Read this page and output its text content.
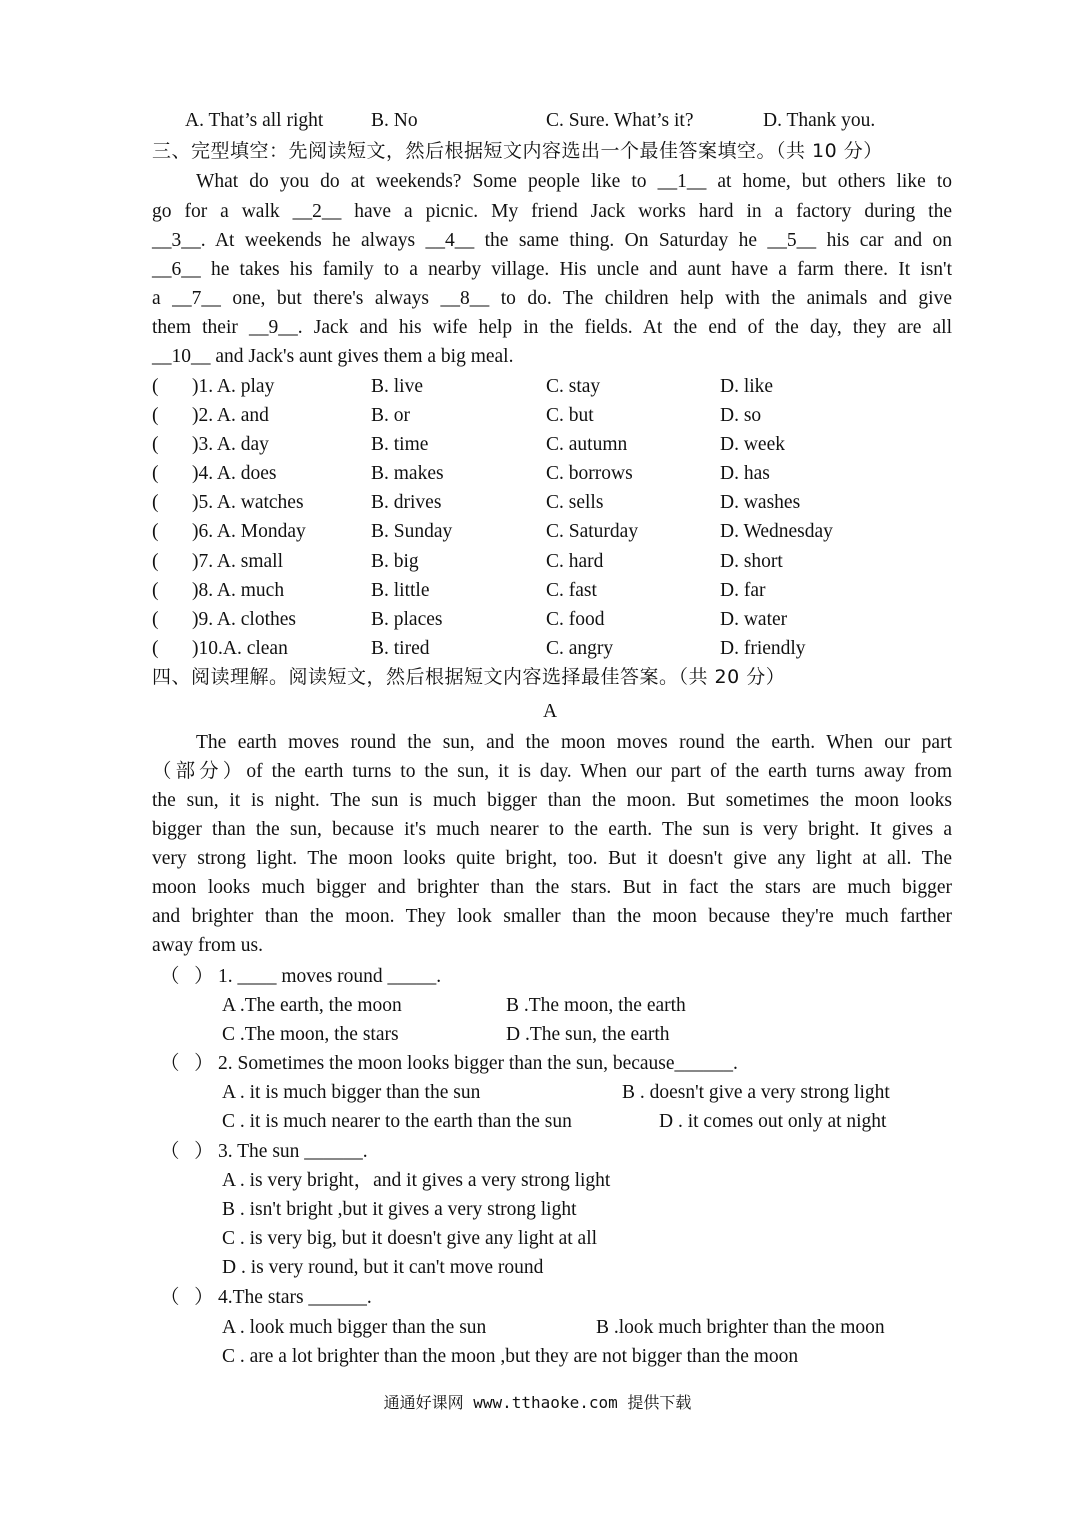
A. That’s all right B. No	C. Sure. What’s it?	D. Thank you.
三、完型填空：先阅读短文，然后根据短文内容选出一个最佳答案填空。（共 10 分）
What do you do at weekends? Some people like to __1__ at home, but others like to
go for a walk __2__ have a picnic. My friend Jack works hard in a factory during the
__3__. At weekends he always __4__ the same thing. On Saturday he __5__ his car and on
__6__ he takes his family to a nearby village. His uncle and aunt have a farm there. It isn't
a __7__ one, but there's always __8__ to do. The children help with the animals and give
them their __9__. Jack and his wife help in the fields. At the end of the day, they are all
__10__ and Jack's aunt gives them a big meal.
( )1. A. play	B. live	C. stay	D. like
( )2. A. and	B. or	C. but	D. so
( )3. A. day	B. time	C. autumn	D. week
( )4. A. does	B. makes	C. borrows	D. has
( )5. A. watches	B. drives	C. sells	D. washes
( )6. A. Monday	B. Sunday	C. Saturday	D. Wednesday
( )7. A. small	B. big	C. hard	D. short
( )8. A. much	B. little	C. fast	D. far
( )9. A. clothes	B. places	C. food	D. water
( )10.A. clean	B. tired	C. angry	D. friendly
四、阅读理解。阅读短文，然后根据短文内容选择最佳答案。（共 20 分）
A
The earth moves round the sun, and the moon moves round the earth. When our part
（部分）of the earth turns to the sun, it is day. When our part of the earth turns away from
the sun, it is night. The sun is much bigger than the moon. But sometimes the moon looks
bigger than the sun, because it's much nearer to the earth. The sun is very bright. It gives a
very strong light. The moon looks quite bright, too. But it doesn't give any light at all. The
moon looks much bigger and brighter than the stars. But in fact the stars are much bigger
and brighter than the moon. They look smaller than the moon because they're much farther
away from us.
（   ） 1. ____ moves round _____.
A .The earth, the moon	B .The moon, the earth
C .The moon, the stars	D .The sun, the earth
（   ） 2. Sometimes the moon looks bigger than the sun, because______.
A . it is much bigger than the sun	B . doesn't give a very strong light
C . it is much nearer to the earth than the sun	D . it comes out only at night
（   ） 3. The sun ______.
A . is very bright，and it gives a very strong light
B . isn't bright ,but it gives a very strong light
C . is very big, but it doesn't give any light at all
D . is very round, but it can't move round
（   ） 4.The stars ______.
A . look much bigger than the sun	B .look much brighter than the moon
C . are a lot brighter than the moon ,but they are not bigger than the moon
通通好课网 www.tthaoke.com 提供下载
